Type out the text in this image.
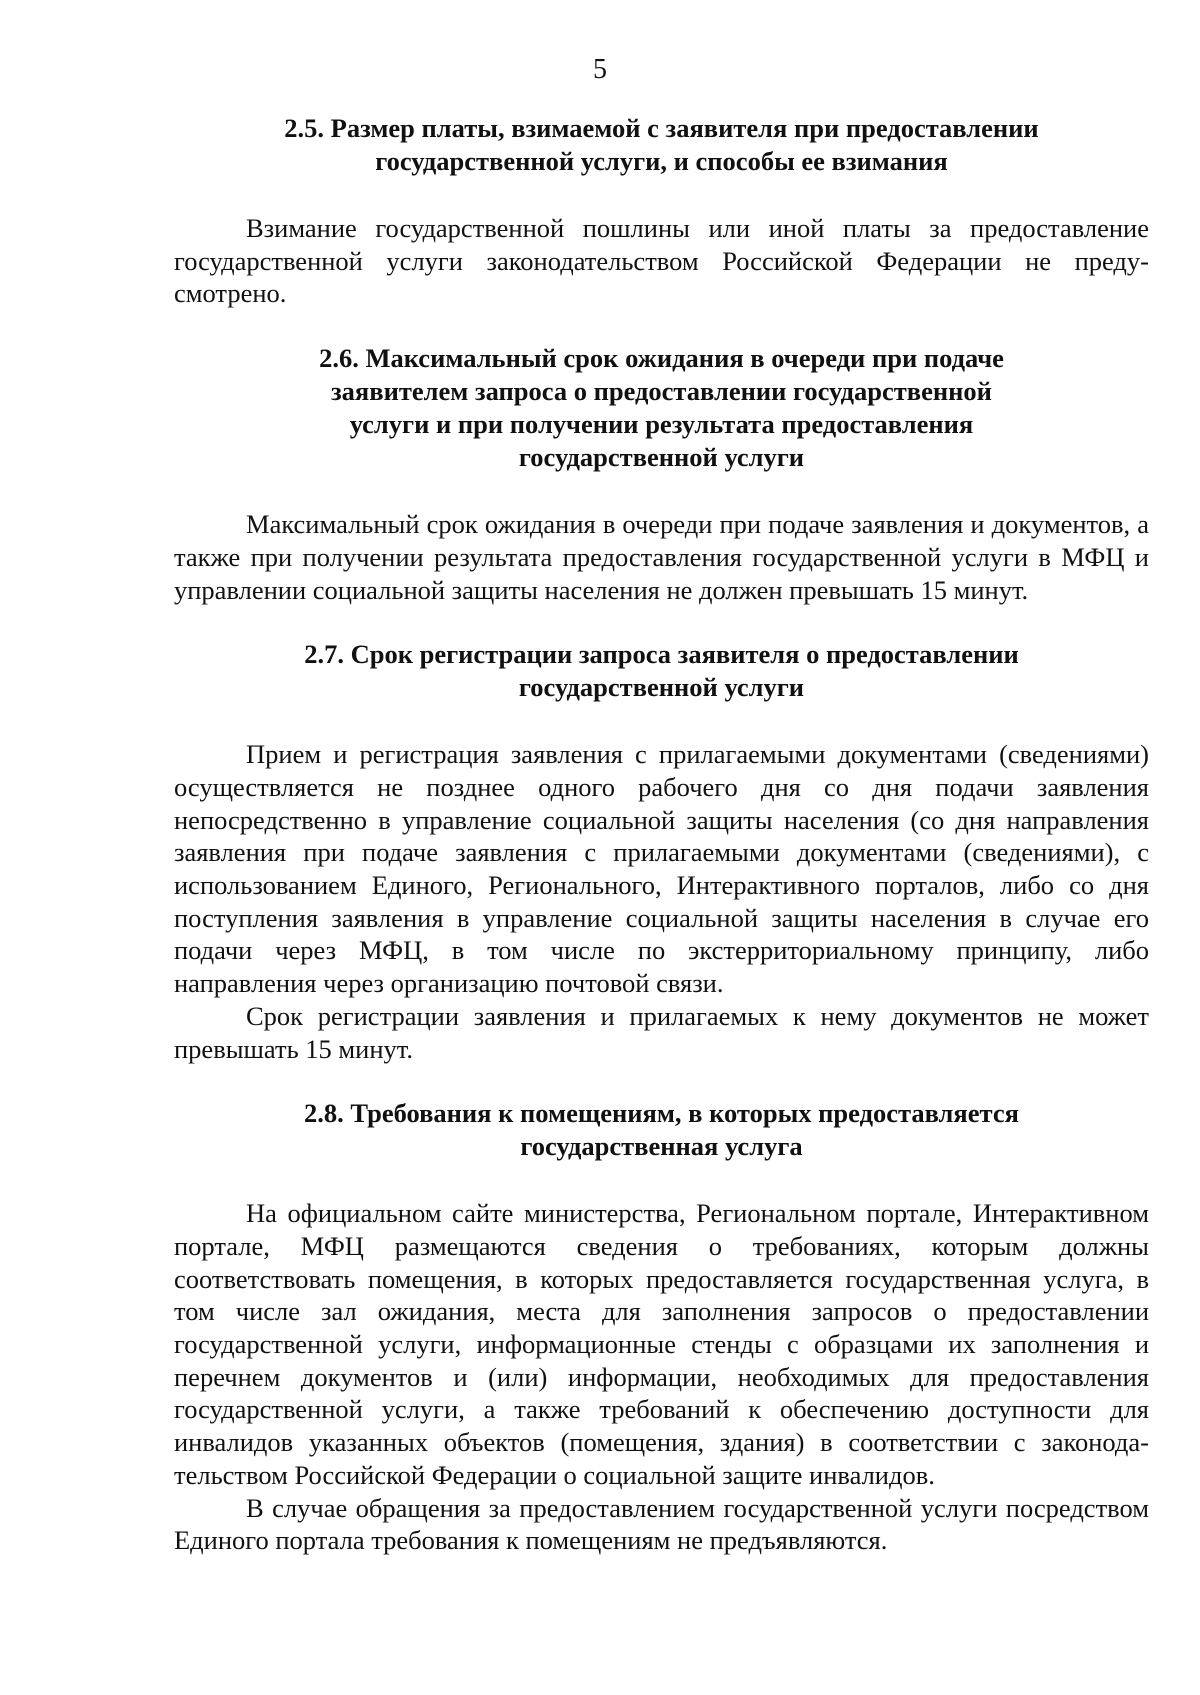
5
2.5. Размер платы, взимаемой с заявителя при предоставлении
государственной услуги, и способы ее взимания

Взимание государственной пошлины или иной платы за предоставление государственной услуги законодательством Российской Федерации не предусмотрено.

2.6. Максимальный срок ожидания в очереди при подаче
заявителем запроса о предоставлении государственной
услуги и при получении результата предоставления
государственной услуги

Максимальный срок ожидания в очереди при подаче заявления и документов, а также при получении результата предоставления государственной услуги в МФЦ и управлении социальной защиты населения не должен превышать 15 минут.

2.7. Срок регистрации запроса заявителя о предоставлении
государственной услуги

Прием и регистрация заявления с прилагаемыми документами (сведениями) осуществляется не позднее одного рабочего дня со дня подачи заявления непосредственно в управление социальной защиты населения (со дня направления заявления при подаче заявления с прилагаемыми документами (сведениями), с использованием Единого, Регионального, Интерактивного порталов, либо со дня поступления заявления в управление социальной защиты населения в случае его подачи через МФЦ, в том числе по экстерриториальному принципу, либо направления через организацию почтовой связи.

Срок регистрации заявления и прилагаемых к нему документов не может превышать 15 минут.

2.8. Требования к помещениям, в которых предоставляется
государственная услуга

На официальном сайте министерства, Региональном портале, Интерактивном портале, МФЦ размещаются сведения о требованиях, которым должны соответствовать помещения, в которых предоставляется государственная услуга, в том числе зал ожидания, места для заполнения запросов о предоставлении государственной услуги, информационные стенды с образцами их заполнения и перечнем документов и (или) информации, необходимых для предоставления государственной услуги, а также требований к обеспечению доступности для инвалидов указанных объектов (помещения, здания) в соответствии с законодательством Российской Федерации о социальной защите инвалидов.

В случае обращения за предоставлением государственной услуги посредством Единого портала требования к помещениям не предъявляются.
